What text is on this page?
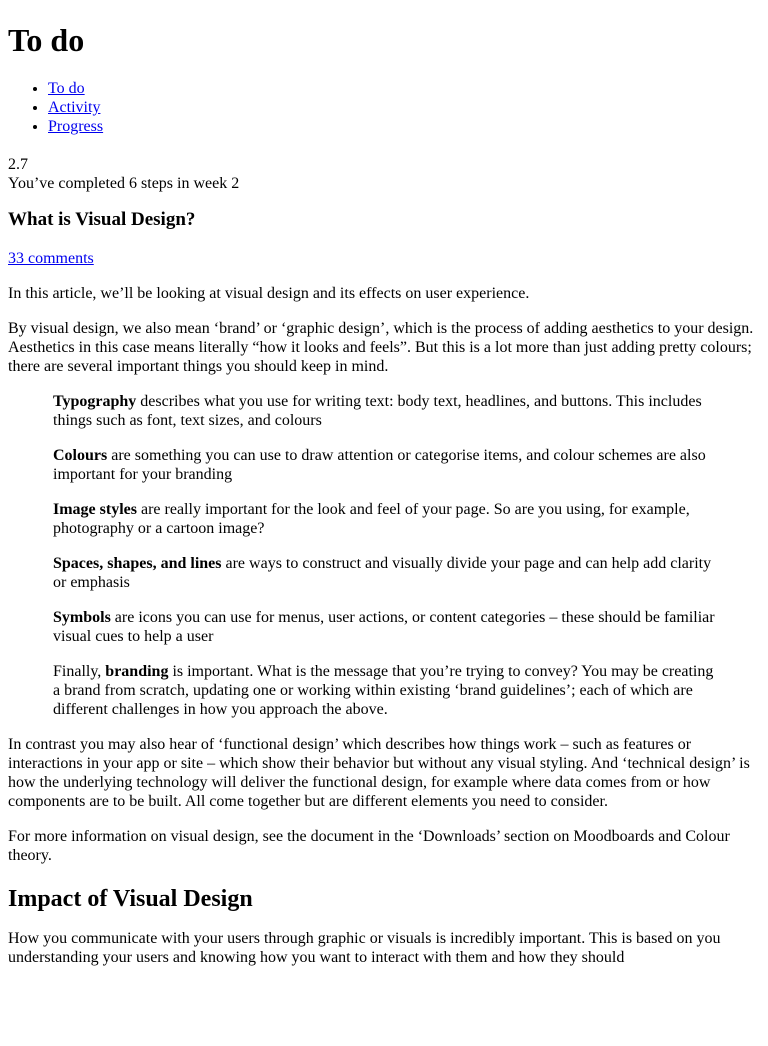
To do
• To do
• Activity
• Progress
2.7
You’ve completed 6 steps in week 2
What is Visual Design?
33 comments

In this article, we’ll be looking at visual design and its effects on user experience.

By visual design, we also mean ‘brand’ or ‘graphic design’, which is the process of adding aesthetics to your design. Aesthetics in this case means literally “how it looks and feels”. But this is a lot more than just adding pretty colours; there are several important things you should keep in mind.

Typography describes what you use for writing text: body text, headlines, and buttons. This includes things such as font, text sizes, and colours

Colours are something you can use to draw attention or categorise items, and colour schemes are also important for your branding

Image styles are really important for the look and feel of your page. So are you using, for example, photography or a cartoon image?

Spaces, shapes, and lines are ways to construct and visually divide your page and can help add clarity or emphasis

Symbols are icons you can use for menus, user actions, or content categories – these should be familiar visual cues to help a user

Finally, branding is important. What is the message that you’re trying to convey? You may be creating a brand from scratch, updating one or working within existing ‘brand guidelines’; each of which are different challenges in how you approach the above.

In contrast you may also hear of ‘functional design’ which describes how things work – such as features or interactions in your app or site – which show their behavior but without any visual styling. And ‘technical design’ is how the underlying technology will deliver the functional design, for example where data comes from or how components are to be built. All come together but are different elements you need to consider.

For more information on visual design, see the document in the ‘Downloads’ section on Moodboards and Colour theory.

Impact of Visual Design

How you communicate with your users through graphic or visuals is incredibly important. This is based on you understanding your users and knowing how you want to interact with them and how they should
